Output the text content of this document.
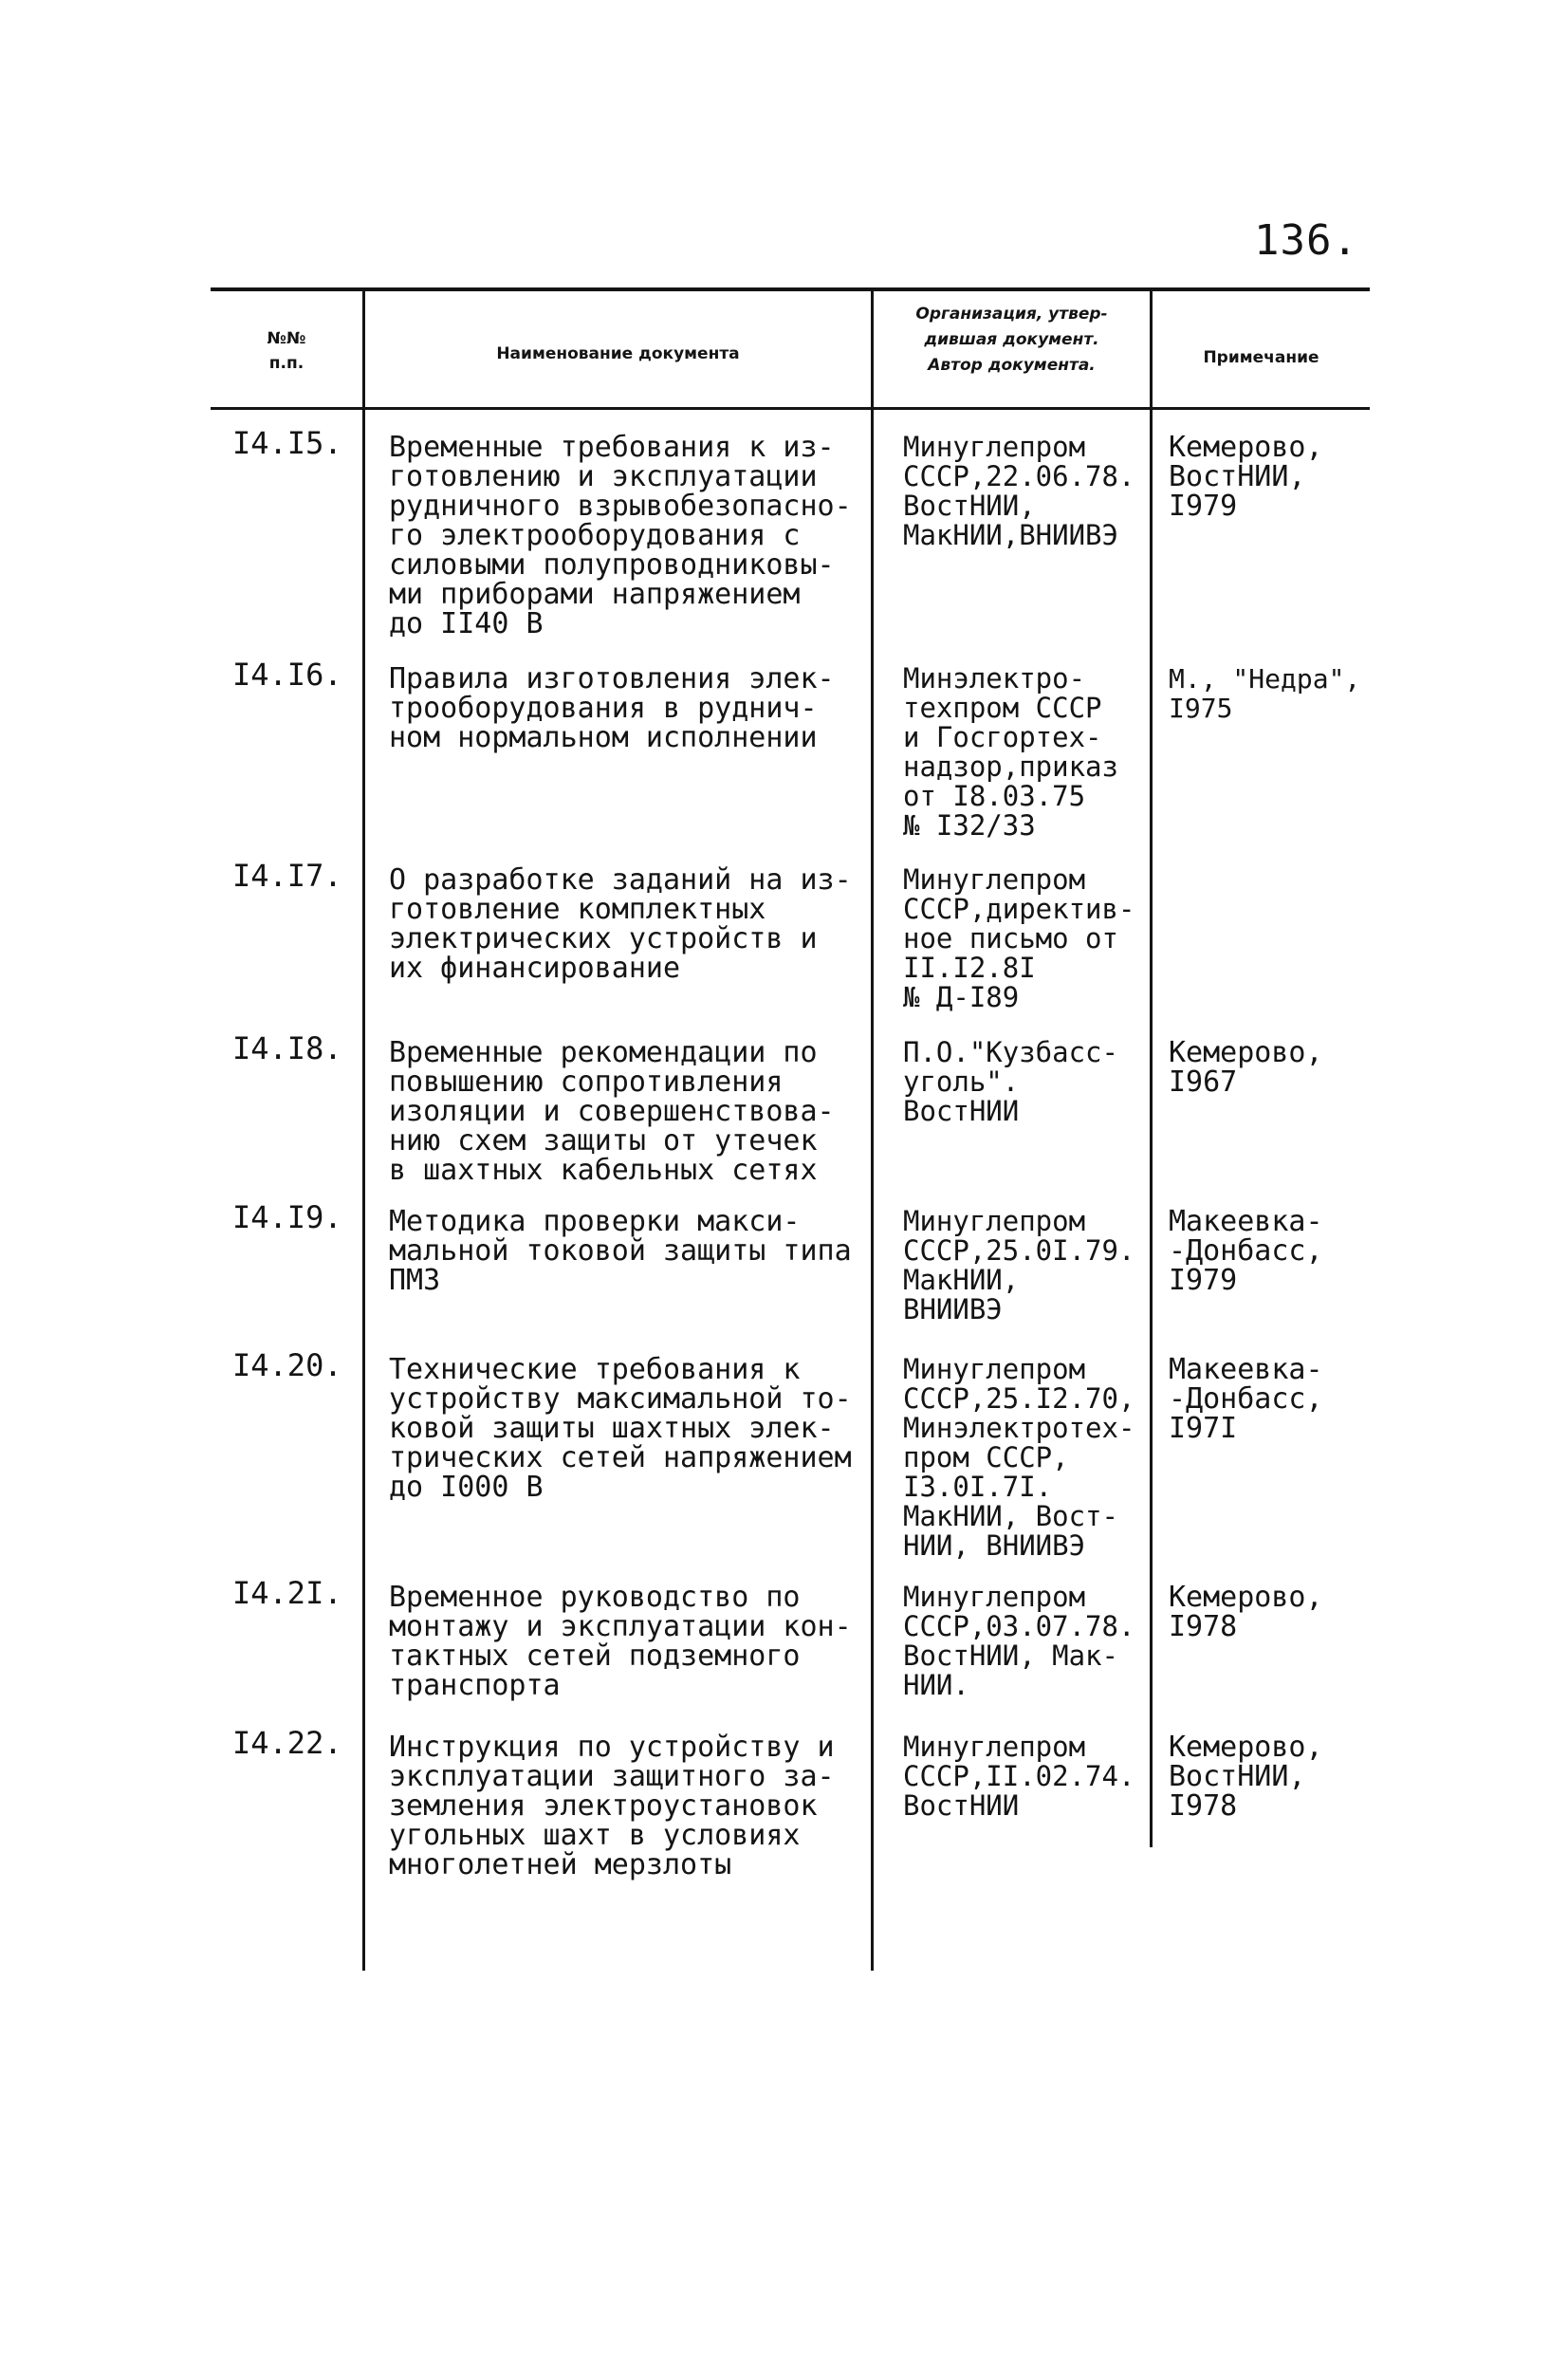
136.
№№
п.п.	Наименование документа
Организация, утвер-
дившая документ.
Автор документа.	Примечание
I4.I5. Временные требования к из-
готовлению и эксплуатации
рудничного взрывобезопасно-
го электрооборудования с
силовыми полупроводниковы-
ми приборами напряжением
до II40 В
Минуглепром
СССР,22.06.78.
ВостНИИ,
МакНИИ,ВНИИВЭ
Кемерово,
ВостНИИ,
I979
I4.I6. Правила изготовления элек-
трооборудования в руднич-
ном нормальном исполнении
Минэлектро-
техпром СССР
и Госгортех-
надзор,приказ
от I8.03.75
№ I32/33
М., "Недра",
I975
I4.I7. О разработке заданий на из-
готовление комплектных
электрических устройств и
их финансирование
Минуглепром
СССР,директив-
ное письмо от
II.I2.8I
№ Д-I89
I4.I8. Временные рекомендации по
повышению сопротивления
изоляции и совершенствова-
нию схем защиты от утечек
в шахтных кабельных сетях
П.О."Кузбасс-
уголь".
ВостНИИ
Кемерово,
I967
I4.I9. Методика проверки макси-
мальной токовой защиты типа
ПМЗ
Минуглепром
СССР,25.0I.79.
МакНИИ,
ВНИИВЭ
Макеевка-
-Донбасс,
I979
I4.20. Технические требования к
устройству максимальной то-
ковой защиты шахтных элек-
трических сетей напряжением
до I000 В
Минуглепром
СССР,25.I2.70,
Минэлектротех-
пром СССР,
I3.0I.7I.
МакНИИ, Вост-
НИИ, ВНИИВЭ
Макеевка-
-Донбасс,
I97I
I4.2I. Временное руководство по
монтажу и эксплуатации кон-
тактных сетей подземного
транспорта
Минуглепром
СССР,03.07.78.
ВостНИИ, Мак-
НИИ.
Кемерово,
I978
I4.22. Инструкция по устройству и
эксплуатации защитного за-
земления электроустановок
угольных шахт в условиях
многолетней мерзлоты
Минуглепром
СССР,II.02.74.
ВостНИИ
Кемерово,
ВостНИИ,
I978
